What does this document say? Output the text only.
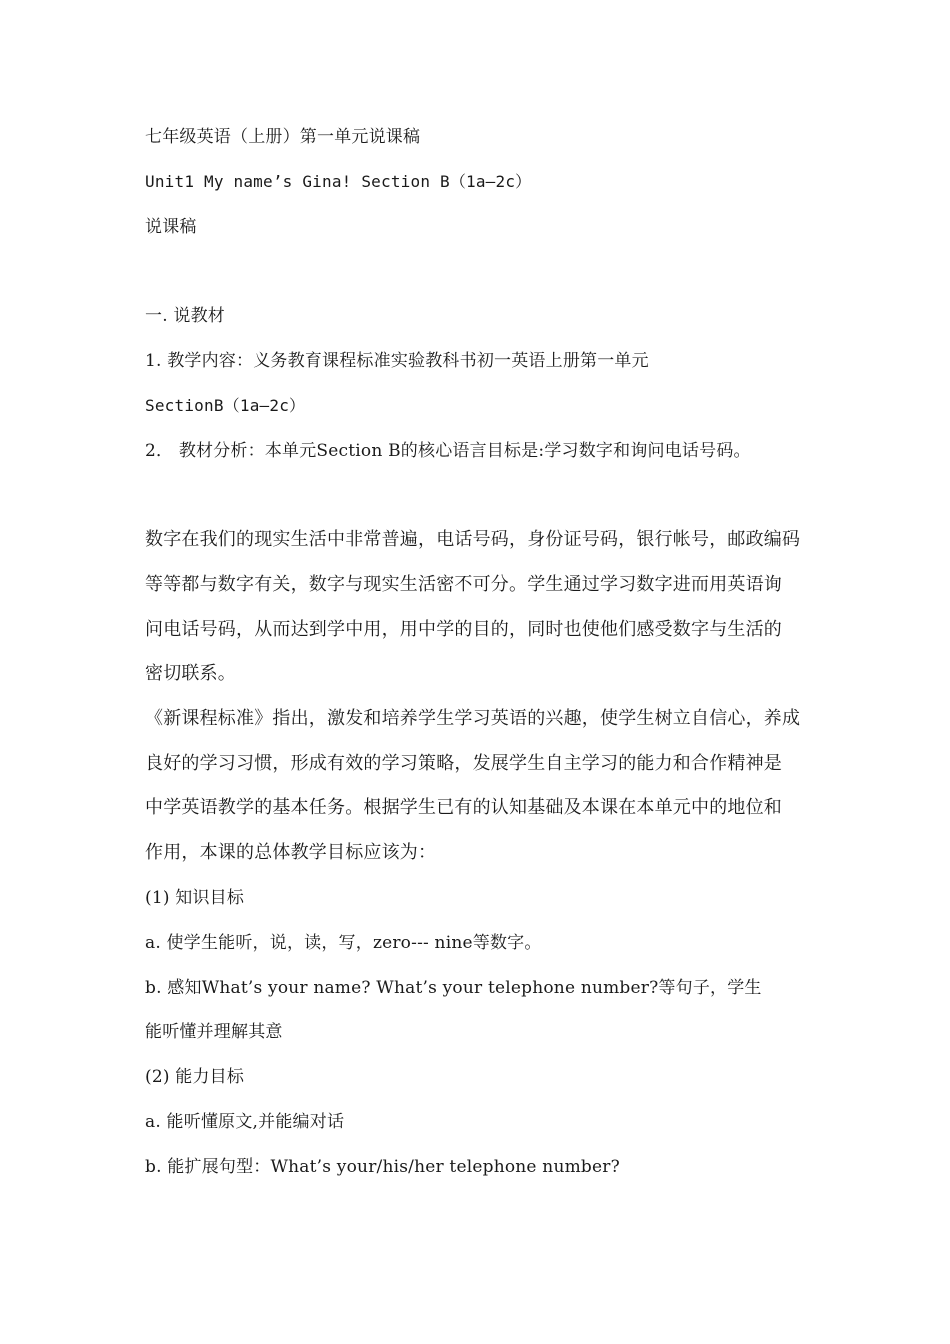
七年级英语（上册）第一单元说课稿
Unit1 My name’s Gina! Section B（1a—2c）
说课稿
一. 说教材
1. 教学内容：义务教育课程标准实验教科书初一英语上册第一单元
SectionB（1a—2c）
2． 教材分析：本单元Section B的核心语言目标是:学习数字和询问电话号码。
数字在我们的现实生活中非常普遍，电话号码，身份证号码，银行帐号，邮政编码
等等都与数字有关，数字与现实生活密不可分。学生通过学习数字进而用英语询
问电话号码，从而达到学中用，用中学的目的，同时也使他们感受数字与生活的
密切联系。
《新课程标准》指出，激发和培养学生学习英语的兴趣，使学生树立自信心，养成
良好的学习习惯，形成有效的学习策略，发展学生自主学习的能力和合作精神是
中学英语教学的基本任务。根据学生已有的认知基础及本课在本单元中的地位和
作用，本课的总体教学目标应该为：
(1) 知识目标
a. 使学生能听，说，读，写，zero--- nine等数字。
b. 感知What’s your name? What’s your telephone number?等句子，学生
能听懂并理解其意
(2) 能力目标
a. 能听懂原文,并能编对话
b. 能扩展句型：What’s your/his/her telephone number?
